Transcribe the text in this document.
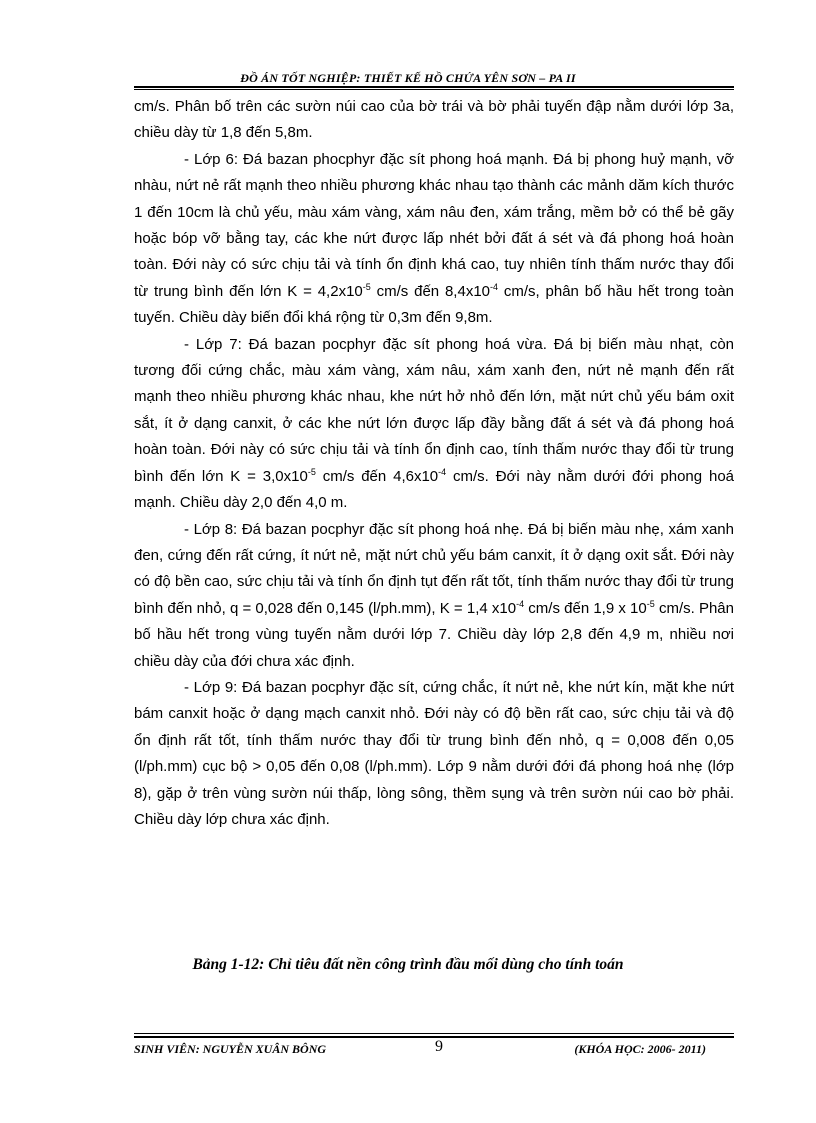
ĐỒ ÁN TỐT NGHIỆP: THIẾT KẾ HỒ CHỨA YÊN SƠN – PA II

cm/s. Phân bố trên các sườn núi cao của bờ trái và bờ phải tuyến đập nằm dưới lớp 3a, chiều dày từ 1,8 đến 5,8m.

- Lớp 6: Đá bazan phocphyr đặc sít phong hoá mạnh. Đá bị phong huỷ mạnh, vỡ nhàu, nứt nẻ rất mạnh theo nhiều phương khác nhau tạo thành các mảnh dăm kích thước 1 đến 10cm là chủ yếu, màu xám vàng, xám nâu đen, xám trắng, mềm bở có thể bẻ gãy hoặc bóp vỡ bằng tay, các khe nứt được lấp nhét bởi đất á sét và đá phong hoá hoàn toàn. Đới này có sức chịu tải và tính ổn định khá cao, tuy nhiên tính thấm nước thay đổi từ trung bình đến lớn $K = 4,2x10^{-5}$ cm/s đến $8,4x10^{-4}$ cm/s, phân bố hầu hết trong toàn tuyến. Chiều dày biến đổi khá rộng từ 0,3m đến 9,8m.

- Lớp 7: Đá bazan pocphyr đặc sít phong hoá vừa. Đá bị biến màu nhạt, còn tương đối cứng chắc, màu xám vàng, xám nâu, xám xanh đen, nứt nẻ mạnh đến rất mạnh theo nhiều phương khác nhau, khe nứt hở nhỏ đến lớn, mặt nứt chủ yếu bám oxit sắt, ít ở dạng canxit, ở các khe nứt lớn được lấp đầy bằng đất á sét và đá phong hoá hoàn toàn. Đới này có sức chịu tải và tính ổn định cao, tính thấm nước thay đổi từ trung bình đến lớn $K = 3,0x10^{-5}$ cm/s đến $4,6x10^{-4}$ cm/s. Đới này nằm dưới đới phong hoá mạnh. Chiều dày 2,0 đến 4,0 m.

- Lớp 8: Đá bazan pocphyr đặc sít phong hoá nhẹ. Đá bị biến màu nhẹ, xám xanh đen, cứng đến rất cứng, ít nứt nẻ, mặt nứt chủ yếu bám canxit, ít ở dạng oxit sắt. Đới này có độ bền cao, sức chịu tải và tính ổn định tụt đến rất tốt, tính thấm nước thay đổi từ trung bình đến nhỏ, q = 0,028 đến 0,145 (l/ph.mm), K = 1,4 $x10^{-4}$ cm/s đến 1,9 x $10^{-5}$ cm/s. Phân bố hầu hết trong vùng tuyến nằm dưới lớp 7. Chiều dày lớp 2,8 đến 4,9 m, nhiều nơi chiều dày của đới chưa xác định.

- Lớp 9: Đá bazan pocphyr đặc sít, cứng chắc, ít nứt nẻ, khe nứt kín, mặt khe nứt bám canxit hoặc ở dạng mạch canxit nhỏ. Đới này có độ bền rất cao, sức chịu tải và độ ổn định rất tốt, tính thấm nước thay đổi từ trung bình đến nhỏ, q = 0,008 đến 0,05 (l/ph.mm) cục bộ > 0,05 đến 0,08 (l/ph.mm). Lớp 9 nằm dưới đới đá phong hoá nhẹ (lớp 8), gặp ở trên vùng sườn núi thấp, lòng sông, thềm sụng và trên sườn núi cao bờ phải. Chiều dày lớp chưa xác định.

Bảng 1-12: Chỉ tiêu đất nền công trình đầu mối dùng cho tính toán
SINH VIÊN: NGUYỄN XUÂN BÔNG	9	(KHÓA HỌC: 2006- 2011)
